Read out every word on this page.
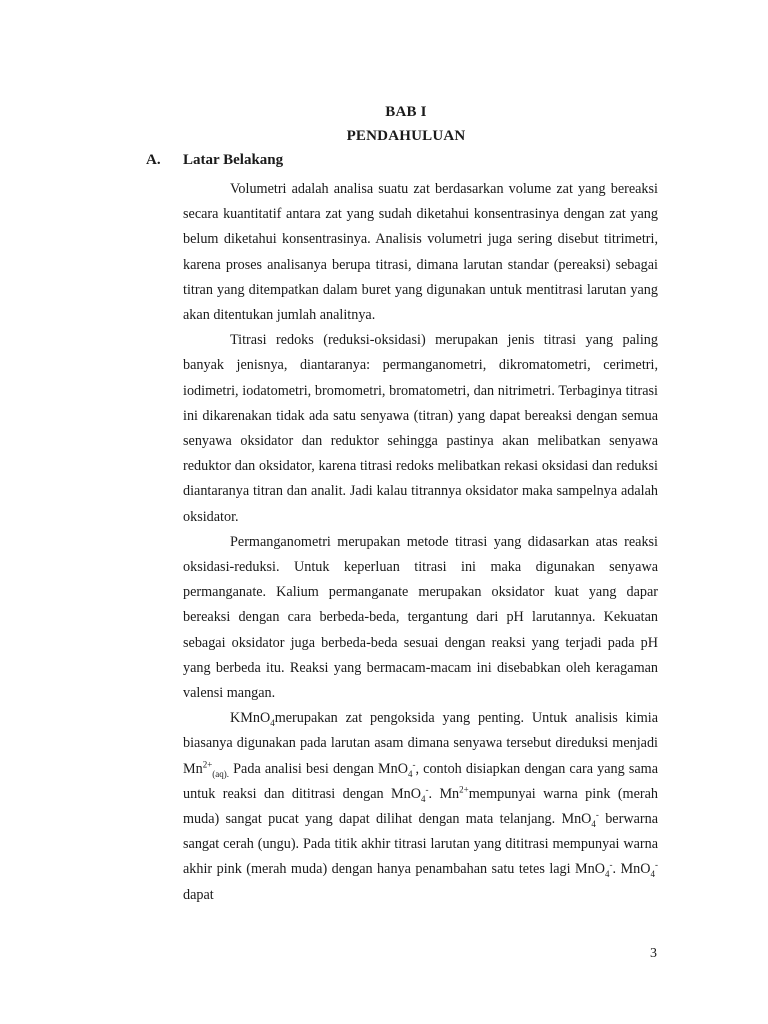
BAB I
PENDAHULUAN
A. Latar Belakang

Volumetri adalah analisa suatu zat berdasarkan volume zat yang bereaksi secara kuantitatif antara zat yang sudah diketahui konsentrasinya dengan zat yang belum diketahui konsentrasinya. Analisis volumetri juga sering disebut titrimetri, karena proses analisanya berupa titrasi, dimana larutan standar (pereaksi) sebagai titran yang ditempatkan dalam buret yang digunakan untuk mentitrasi larutan yang akan ditentukan jumlah analitnya.

Titrasi redoks (reduksi-oksidasi) merupakan jenis titrasi yang paling banyak jenisnya, diantaranya: permanganometri, dikromatometri, cerimetri, iodimetri, iodatometri, bromometri, bromatometri, dan nitrimetri. Terbaginya titrasi ini dikarenakan tidak ada satu senyawa (titran) yang dapat bereaksi dengan semua senyawa oksidator dan reduktor sehingga pastinya akan melibatkan senyawa reduktor dan oksidator, karena titrasi redoks melibatkan rekasi oksidasi dan reduksi diantaranya titran dan analit. Jadi kalau titrannya oksidator maka sampelnya adalah oksidator.

Permanganometri merupakan metode titrasi yang didasarkan atas reaksi oksidasi-reduksi. Untuk keperluan titrasi ini maka digunakan senyawa permanganate. Kalium permanganate merupakan oksidator kuat yang dapar bereaksi dengan cara berbeda-beda, tergantung dari pH larutannya. Kekuatan sebagai oksidator juga berbeda-beda sesuai dengan reaksi yang terjadi pada pH yang berbeda itu. Reaksi yang bermacam-macam ini disebabkan oleh keragaman valensi mangan.

KMnO$_4$merupakan zat pengoksida yang penting. Untuk analisis kimia biasanya digunakan pada larutan asam dimana senyawa tersebut direduksi menjadi $Mn^{2+}_{(aq).}$ Pada analisi besi dengan MnO$_4$-, contoh disiapkan dengan cara yang sama untuk reaksi dan dititrasi dengan MnO$_4$-. $Mn^{2+}mempunyai$ warna pink (merah muda) sangat pucat yang dapat dilihat dengan mata telanjang. MnO$_4$- berwarna sangat cerah (ungu). Pada titik akhir titrasi larutan yang dititrasi mempunyai warna akhir pink (merah muda) dengan hanya penambahan satu tetes lagi MnO$_4$-. MnO$_4$- dapat

3
